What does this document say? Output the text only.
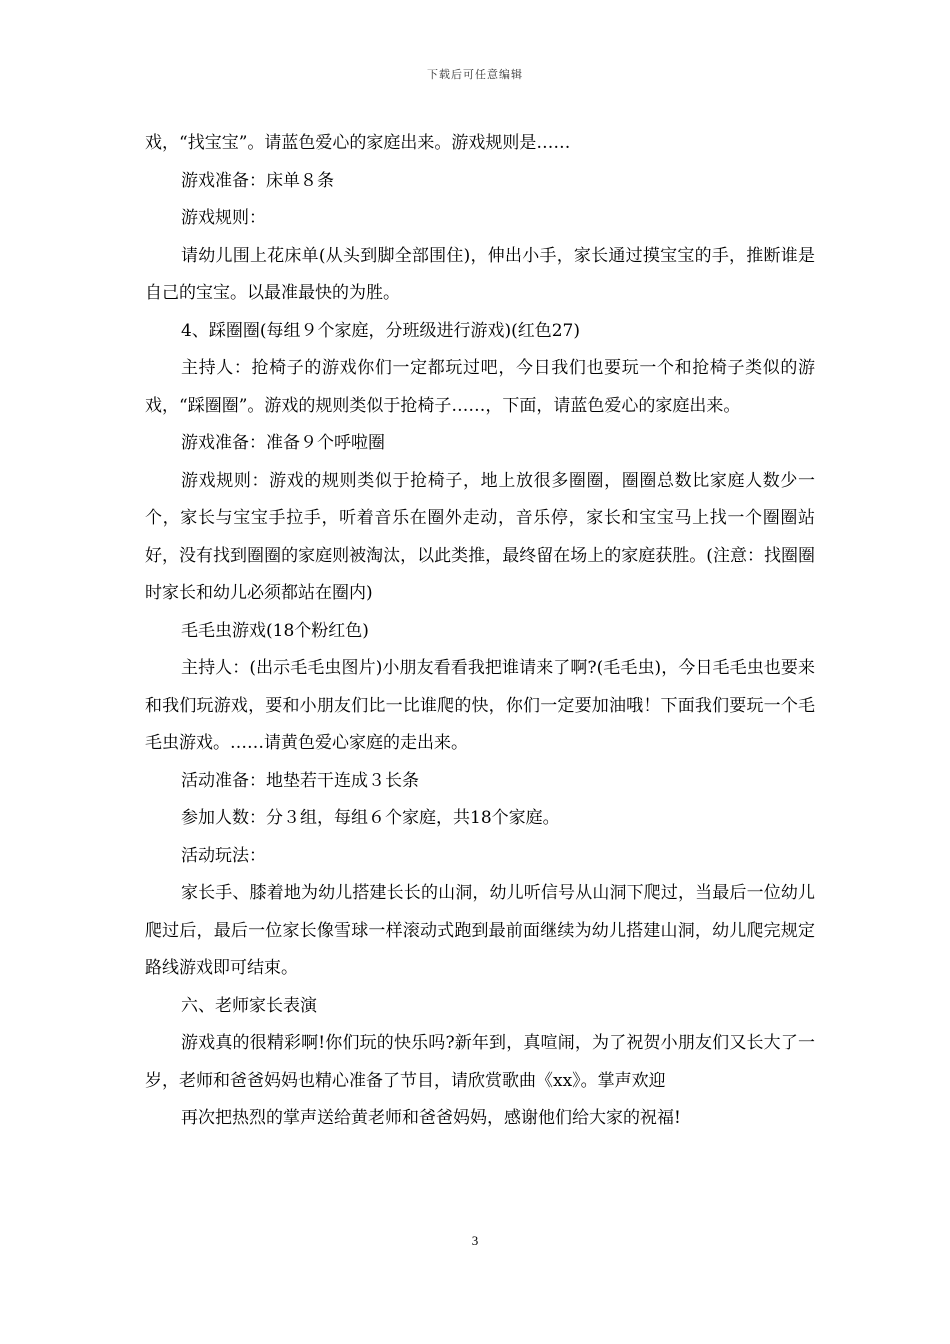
下载后可任意编辑

戏，“找宝宝”。请蓝色爱心的家庭出来。游戏规则是……

游戏准备：床单８条

游戏规则：

请幼儿围上花床单(从头到脚全部围住)，伸出小手，家长通过摸宝宝的手，推断谁是自己的宝宝。以最准最快的为胜。

4、踩圈圈(每组９个家庭，分班级进行游戏)(红色27)

主持人：抢椅子的游戏你们一定都玩过吧，今日我们也要玩一个和抢椅子类似的游戏，“踩圈圈”。游戏的规则类似于抢椅子……，下面，请蓝色爱心的家庭出来。

游戏准备：准备９个呼啦圈

游戏规则：游戏的规则类似于抢椅子，地上放很多圈圈，圈圈总数比家庭人数少一个，家长与宝宝手拉手，听着音乐在圈外走动，音乐停，家长和宝宝马上找一个圈圈站好，没有找到圈圈的家庭则被淘汰，以此类推，最终留在场上的家庭获胜。(注意：找圈圈时家长和幼儿必须都站在圈内)

毛毛虫游戏(18个粉红色)

主持人：(出示毛毛虫图片)小朋友看看我把谁请来了啊?(毛毛虫)，今日毛毛虫也要来和我们玩游戏，要和小朋友们比一比谁爬的快，你们一定要加油哦！下面我们要玩一个毛毛虫游戏。……请黄色爱心家庭的走出来。

活动准备：地垫若干连成３长条

参加人数：分３组，每组６个家庭，共18个家庭。

活动玩法：

家长手、膝着地为幼儿搭建长长的山洞，幼儿听信号从山洞下爬过，当最后一位幼儿爬过后，最后一位家长像雪球一样滚动式跑到最前面继续为幼儿搭建山洞，幼儿爬完规定路线游戏即可结束。

六、老师家长表演

游戏真的很精彩啊!你们玩的快乐吗?新年到，真喧闹，为了祝贺小朋友们又长大了一岁，老师和爸爸妈妈也精心准备了节目，请欣赏歌曲《xx》。掌声欢迎

再次把热烈的掌声送给黄老师和爸爸妈妈，感谢他们给大家的祝福!

3
